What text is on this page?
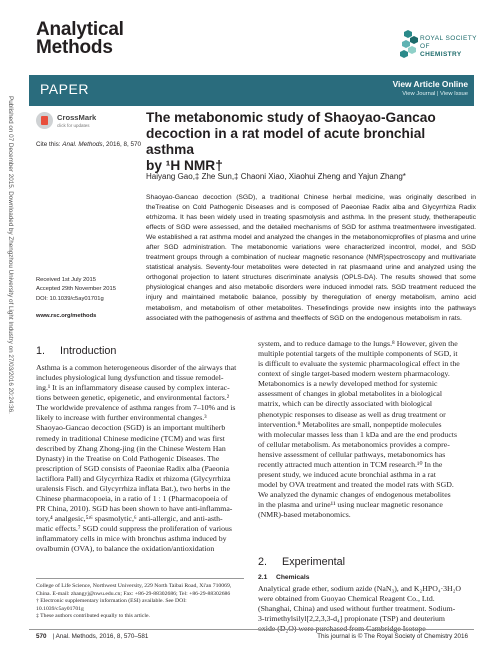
Analytical
Methods	ROYAL SOCIETY
OF
CHEMISTRY
Published on 07 December 2015. Downloaded by Zhengzhou University of Light Industry on 27/03/2016 20:24:36.
PAPER	View Article Online
View Journal | View Issue
CrossMark
click for updates
Cite this: Anal. Methods, 2016, 8, 570
The metabonomic study of Shaoyao-Gancao
decoction in a rat model of acute bronchial asthma
by ¹H NMR†
Haiyang Gao,‡ Zhe Sun,‡ Chaoni Xiao, Xiaohui Zheng and Yajun Zhang*
Shaoyao-Gancao decoction (SGD), a traditional Chinese herbal medicine, was originally described in theTreatise on Cold Pathogenic Diseases and is composed of Paeoniae Radix alba and Glycyrrhiza Radix etrhizoma. It has been widely used in treating spasmolysis and asthma. In the present study, thetherapeutic effects of SGD were assessed, and the detailed mechanisms of SGD for asthma treatmentwere investigated. We established a rat asthma model and analyzed the changes in the metabonomicprofiles of plasma and urine after SGD administration. The metabonomic variations were characterized incontrol, model, and SGD treatment groups through a combination of nuclear magnetic resonance (NMR)spectroscopy and multivariate statistical analysis. Seventy-four metabolites were detected in rat plasmaand urine and analyzed using the orthogonal projection to latent structures discriminate analysis (OPLS-DA). The results showed that some physiological changes and also metabolic disorders were induced inmodel rats. SGD treatment reduced the injury and maintained metabolic balance, possibly by theregulation of energy metabolism, amino acid metabolism, and metabolism of other metabolites. Thesefindings provide new insights into the pathways associated with the pathogenesis of asthma and theeffects of SGD on the endogenous metabolism in rats.
Received 1st July 2015
Accepted 29th November 2015
DOI: 10.1039/c5ay01701g
www.rsc.org/methods
1. Introduction
Asthma is a common heterogeneous disorder of the airways that
includes physiological lung dysfunction and tissue remodel-
ing.¹ It is an inflammatory disease caused by complex interac-
tions between genetic, epigenetic, and environmental factors.²
The worldwide prevalence of asthma ranges from 7–10% and is
likely to increase with further environmental changes.³
Shaoyao-Gancao decoction (SGD) is an important multiherb
remedy in traditional Chinese medicine (TCM) and was first
described by Zhang Zhong-jing (in the Chinese Western Han
Dynasty) in the Treatise on Cold Pathogenic Diseases. The
prescription of SGD consists of Paeoniae Radix alba (Paeonia
lactiflora Pall) and Glycyrrhiza Radix et rhizoma (Glycyrrhiza
uralensis Fisch. and Glycyrrhiza inflata Bat.), two herbs in the
Chinese pharmacopoeia, in a ratio of 1 : 1 (Pharmacopoeia of
PR China, 2010). SGD has been shown to have anti-inflamma-
tory,⁴ analgesic,⁵ʴ⁶ spasmolytic,⁶ anti-allergic, and anti-asth-
matic effects.⁷ SGD could suppress the proliferation of various
inflammatory cells in mice with bronchus asthma induced by
ovalbumin (OVA), to balance the oxidation/antioxidation
College of Life Science, Northwest University, 229 North Taibai Road, Xi'an 710069,
China. E-mail: zhangyj@nwu.edu.cn; Fax: +86-29-88302686; Tel: +86-29-88302686
† Electronic supplementary information (ESI) available. See DOI:
10.1039/c5ay01701g
‡ These authors contributed equally to this article.
system, and to reduce damage to the lungs.⁸ However, given the
multiple potential targets of the multiple components of SGD, it
is difficult to evaluate the systemic pharmacological effect in the
context of single target-based modern western pharmacology.
Metabonomics is a newly developed method for systemic
assessment of changes in global metabolites in a biological
matrix, which can be directly associated with biological
phenotypic responses to disease as well as drug treatment or
intervention.⁹ Metabolites are small, nonpeptide molecules
with molecular masses less than 1 kDa and are the end products
of cellular metabolism. As metabonomics provides a compre-
hensive assessment of cellular pathways, metabonomics has
recently attracted much attention in TCM research.¹⁰ In the
present study, we induced acute bronchial asthma in a rat
model by OVA treatment and treated the model rats with SGD.
We analyzed the dynamic changes of endogenous metabolites
in the plasma and urine¹¹ using nuclear magnetic resonance
(NMR)-based metabonomics.
2. Experimental
2.1 Chemicals
Analytical grade ether, sodium azide (NaN₃), and K₂HPO₄·3H₂O
were obtained from Guoyao Chemical Reagent Co., Ltd.
(Shanghai, China) and used without further treatment. Sodium-
3-trimethylsilyl[2,2,3,3-d₄] propionate (TSP) and deuterium
oxide (D₂O) were purchased from Cambridge Isotope
570 | Anal. Methods, 2016, 8, 570–581	This journal is © The Royal Society of Chemistry 2016
